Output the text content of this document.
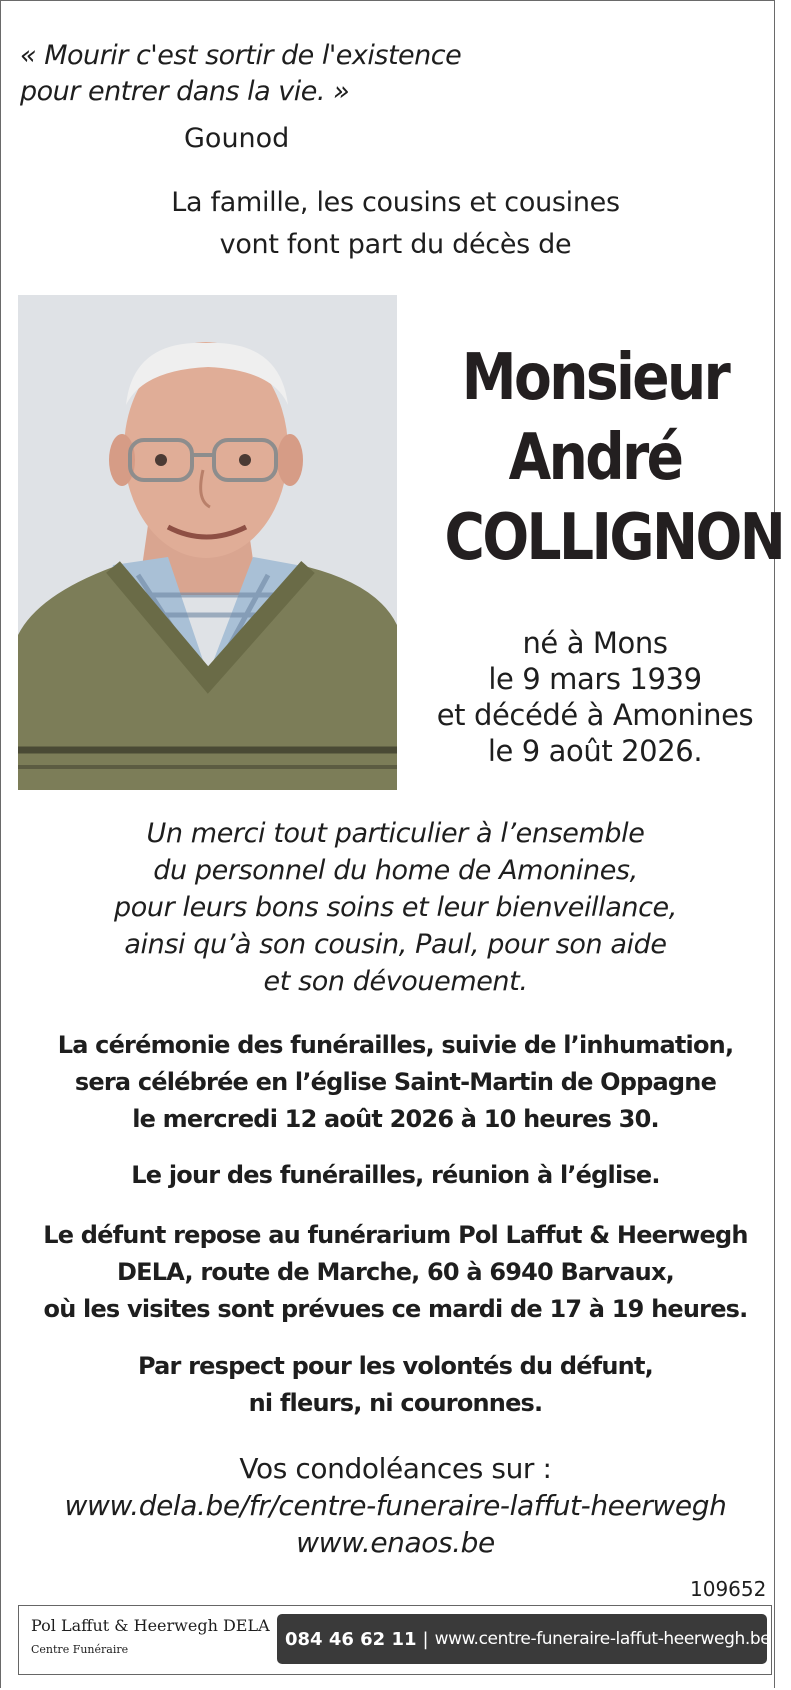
« Mourir c'est sortir de l'existence
pour entrer dans la vie. »
Gounod
La famille, les cousins et cousines
vont font part du décès de
Monsieur
André
COLLIGNON
né à Mons
le 9 mars 1939
et décédé à Amonines
le 9 août 2026.
Un merci tout particulier à l’ensemble
du personnel du home de Amonines,
pour leurs bons soins et leur bienveillance,
ainsi qu’à son cousin, Paul, pour son aide
et son dévouement.
La cérémonie des funérailles, suivie de l’inhumation,
sera célébrée en l’église Saint-Martin de Oppagne
le mercredi 12 août 2026 à 10 heures 30.
Le jour des funérailles, réunion à l’église.
Le défunt repose au funérarium Pol Laffut & Heerwegh
DELA, route de Marche, 60 à 6940 Barvaux,
où les visites sont prévues ce mardi de 17 à 19 heures.
Par respect pour les volontés du défunt,
ni fleurs, ni couronnes.
Vos condoléances sur :
www.dela.be/fr/centre-funeraire-laffut-heerwegh
www.enaos.be
109652
Pol Laffut & Heerwegh DELA
Centre Funéraire	084 46 62 11 | www.centre-funeraire-laffut-heerwegh.be
